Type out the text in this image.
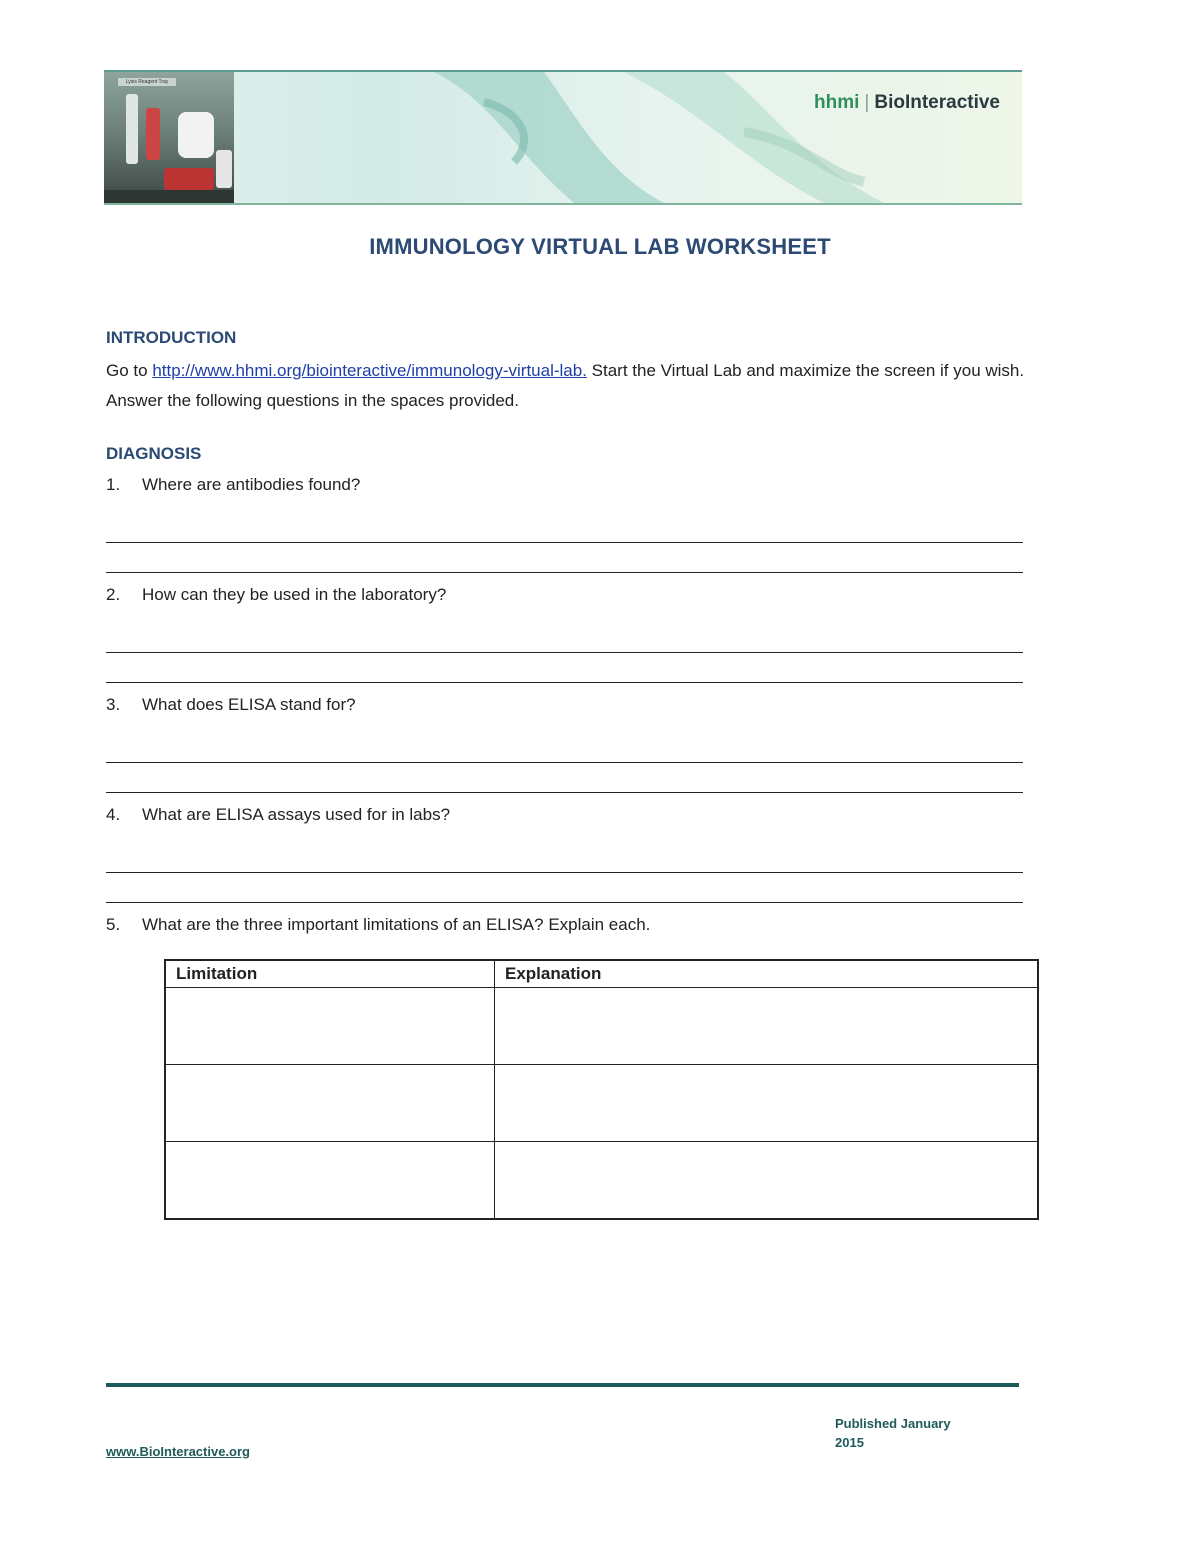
Lysis Reagent Tray
hhmi | BioInteractive
IMMUNOLOGY VIRTUAL LAB WORKSHEET
INTRODUCTION
Go to http://www.hhmi.org/biointeractive/immunology-virtual-lab. Start the Virtual Lab and maximize the screen if you wish. Answer the following questions in the spaces provided.
DIAGNOSIS
1. Where are antibodies found?
2. How can they be used in the laboratory?
3. What does ELISA stand for?
4. What are ELISA assays used for in labs?
5. What are the three important limitations of an ELISA? Explain each.
Limitation	Explanation

Published January 2015
www.BioInteractive.org
